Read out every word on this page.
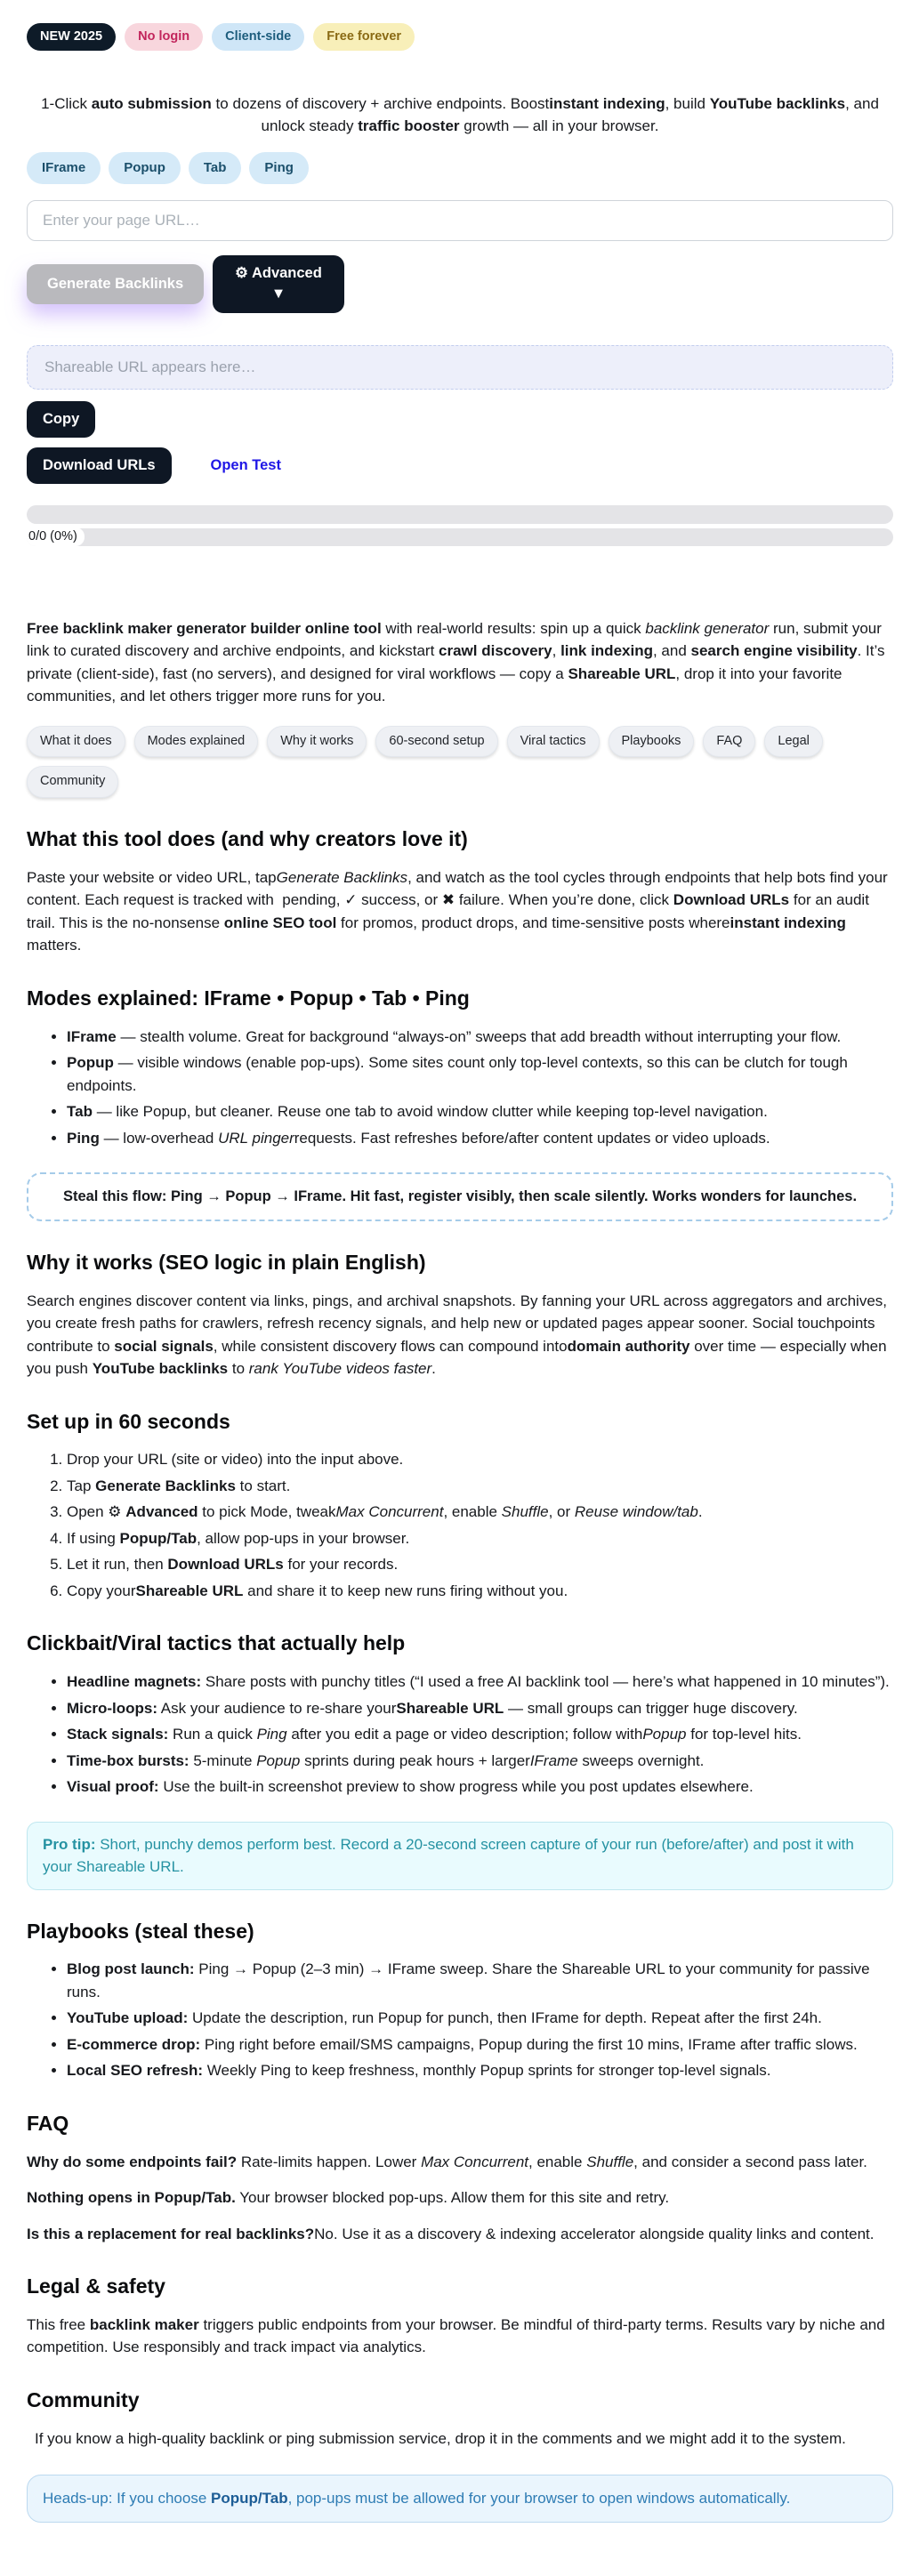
NEW 2025	No login	Client-side	Free forever

1-Click auto submission to dozens of discovery + archive endpoints. Boostinstant indexing, build YouTube backlinks, and unlock steady traffic booster growth — all in your browser.

IFrame	Popup	Tab	Ping
Enter your page URL…
Generate Backlinks
⚙ Advanced
▼
Shareable URL appears here…
Copy
Download URLs	Open Test
0/0 (0%)

Free backlink maker generator builder online tool with real-world results: spin up a quick backlink generator run, submit your link to curated discovery and archive endpoints, and kickstart crawl discovery, link indexing, and search engine visibility. It’s private (client-side), fast (no servers), and designed for viral workflows — copy a Shareable URL, drop it into your favorite communities, and let others trigger more runs for you.

What it does	Modes explained	Why it works	60-second setup	Viral tactics	Playbooks	FAQ	Legal
Community
What this tool does (and why creators love it)

Paste your website or video URL, tapGenerate Backlinks, and watch as the tool cycles through endpoints that help bots find your content. Each request is tracked with  pending, ✓ success, or ✖ failure. When you’re done, click Download URLs for an audit trail. This is the no-nonsense online SEO tool for promos, product drops, and time-sensitive posts whereinstant indexing matters.

Modes explained: IFrame • Popup • Tab • Ping
• IFrame — stealth volume. Great for background “always-on” sweeps that add breadth without interrupting your flow.
• Popup — visible windows (enable pop-ups). Some sites count only top-level contexts, so this can be clutch for tough endpoints.
• Tab — like Popup, but cleaner. Reuse one tab to avoid window clutter while keeping top-level navigation.
• Ping — low-overhead URL pingerrequests. Fast refreshes before/after content updates or video uploads.
Steal this flow: Ping → Popup → IFrame. Hit fast, register visibly, then scale silently. Works wonders for launches.
Why it works (SEO logic in plain English)

Search engines discover content via links, pings, and archival snapshots. By fanning your URL across aggregators and archives, you create fresh paths for crawlers, refresh recency signals, and help new or updated pages appear sooner. Social touchpoints contribute to social signals, while consistent discovery flows can compound intodomain authority over time — especially when you push YouTube backlinks to rank YouTube videos faster.

Set up in 60 seconds
1. Drop your URL (site or video) into the input above.
2. Tap Generate Backlinks to start.
3. Open ⚙ Advanced to pick Mode, tweakMax Concurrent, enable Shuffle, or Reuse window/tab.
4. If using Popup/Tab, allow pop-ups in your browser.
5. Let it run, then Download URLs for your records.
6. Copy yourShareable URL and share it to keep new runs firing without you.
Clickbait/Viral tactics that actually help
• Headline magnets: Share posts with punchy titles (“I used a free AI backlink tool — here’s what happened in 10 minutes”).
• Micro-loops: Ask your audience to re-share yourShareable URL — small groups can trigger huge discovery.
• Stack signals: Run a quick Ping after you edit a page or video description; follow withPopup for top-level hits.
• Time-box bursts: 5-minute Popup sprints during peak hours + largerIFrame sweeps overnight.
• Visual proof: Use the built-in screenshot preview to show progress while you post updates elsewhere.
Pro tip: Short, punchy demos perform best. Record a 20-second screen capture of your run (before/after) and post it with your Shareable URL.
Playbooks (steal these)
• Blog post launch: Ping → Popup (2–3 min) → IFrame sweep. Share the Shareable URL to your community for passive runs.
• YouTube upload: Update the description, run Popup for punch, then IFrame for depth. Repeat after the first 24h.
• E-commerce drop: Ping right before email/SMS campaigns, Popup during the first 10 mins, IFrame after traffic slows.
• Local SEO refresh: Weekly Ping to keep freshness, monthly Popup sprints for stronger top-level signals.
FAQ

Why do some endpoints fail? Rate-limits happen. Lower Max Concurrent, enable Shuffle, and consider a second pass later.

Nothing opens in Popup/Tab. Your browser blocked pop-ups. Allow them for this site and retry.

Is this a replacement for real backlinks?No. Use it as a discovery & indexing accelerator alongside quality links and content.

Legal & safety

This free backlink maker triggers public endpoints from your browser. Be mindful of third-party terms. Results vary by niche and competition. Use responsibly and track impact via analytics.

Community

If you know a high-quality backlink or ping submission service, drop it in the comments and we might add it to the system.

Heads-up: If you choose Popup/Tab, pop-ups must be allowed for your browser to open windows automatically.
